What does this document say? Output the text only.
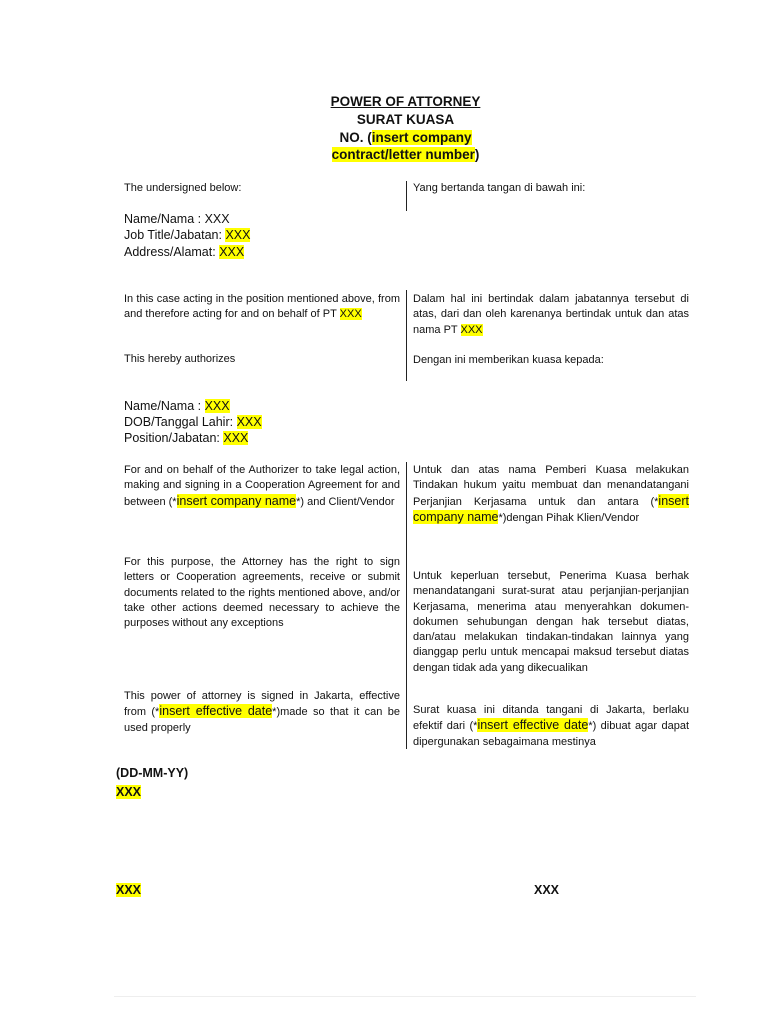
POWER OF ATTORNEY
SURAT KUASA
NO. (insert company
contract/letter number)
The undersigned below:	Yang bertanda tangan di bawah ini:
Name/Nama : XXX
Job Title/Jabatan: XXX
Address/Alamat: XXX
In this case acting in the position mentioned above, from and therefore acting for and on behalf of PT XXX
Dalam hal ini bertindak dalam jabatannya tersebut di atas, dari dan oleh karenanya bertindak untuk dan atas nama PT XXX
This hereby authorizes	Dengan ini memberikan kuasa kepada:
Name/Nama : XXX
DOB/Tanggal Lahir: XXX
Position/Jabatan: XXX
For and on behalf of the Authorizer to take legal action, making and signing in a Cooperation Agreement for and between (*insert company name*) and Client/Vendor
Untuk dan atas nama Pemberi Kuasa melakukan Tindakan hukum yaitu membuat dan menandatangani Perjanjian Kerjasama untuk dan antara (*insert company name*)dengan Pihak Klien/Vendor
For this purpose, the Attorney has the right to sign letters or Cooperation agreements, receive or submit documents related to the rights mentioned above, and/or take other actions deemed necessary to achieve the purposes without any exceptions
Untuk keperluan tersebut, Penerima Kuasa berhak menandatangani surat-surat atau perjanjian-perjanjian Kerjasama, menerima atau menyerahkan dokumen-dokumen sehubungan dengan hak tersebut diatas, dan/atau melakukan tindakan-tindakan lainnya yang dianggap perlu untuk mencapai maksud tersebut diatas dengan tidak ada yang dikecualikan
This power of attorney is signed in Jakarta, effective from (*insert effective date*)made so that it can be used properly
Surat kuasa ini ditanda tangani di Jakarta, berlaku efektif dari (*insert effective date*) dibuat agar dapat dipergunakan sebagaimana mestinya
(DD-MM-YY)
XXX
XXX	XXX
